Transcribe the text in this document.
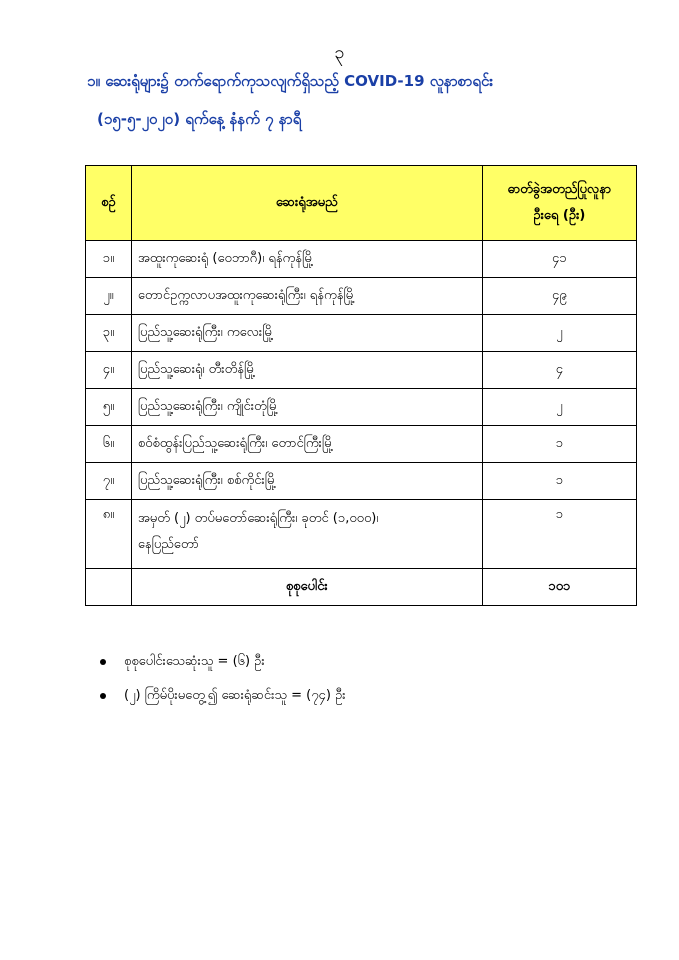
၃
၁။ ဆေးရုံများ၌ တက်ရောက်ကုသလျက်ရှိသည့် COVID-19 လူနာစာရင်း
(၁၅-၅-၂၀၂၀) ရက်နေ့ နံနက် ၇ နာရီ
စဉ်	ဆေးရုံအမည်	ဓာတ်ခွဲအတည်ပြုလူနာ
ဦးရေ (ဦး)

၁။	အထူးကုဆေးရုံ (ဝေဘာဂီ)၊ ရန်ကုန်မြို့	၄၁
၂။	တောင်ဥက္ကလာပအထူးကုဆေးရုံကြီး၊ ရန်ကုန်မြို့	၄၉
၃။	ပြည်သူ့ဆေးရုံကြီး၊ ကလေးမြို့	၂
၄။	ပြည်သူ့ဆေးရုံ၊ တီးတိန်မြို့	၄
၅။	ပြည်သူ့ဆေးရုံကြီး၊ ကျိုင်းတုံမြို့	၂
၆။	စဝ်စံထွန်းပြည်သူ့ဆေးရုံကြီး၊ တောင်ကြီးမြို့	၁
၇။	ပြည်သူ့ဆေးရုံကြီး၊ စစ်ကိုင်းမြို့	၁
၈။	အမှတ် (၂) တပ်မတော်ဆေးရုံကြီး၊ ခုတင် (၁,၀၀၀)၊
နေပြည်တော်	၁
	စုစုပေါင်း	၁၀၁
စုစုပေါင်းသေဆုံးသူ = (၆) ဦး
(၂) ကြိမ်ပိုးမတွေ့၍ ဆေးရုံဆင်းသူ = (၇၄) ဦး
